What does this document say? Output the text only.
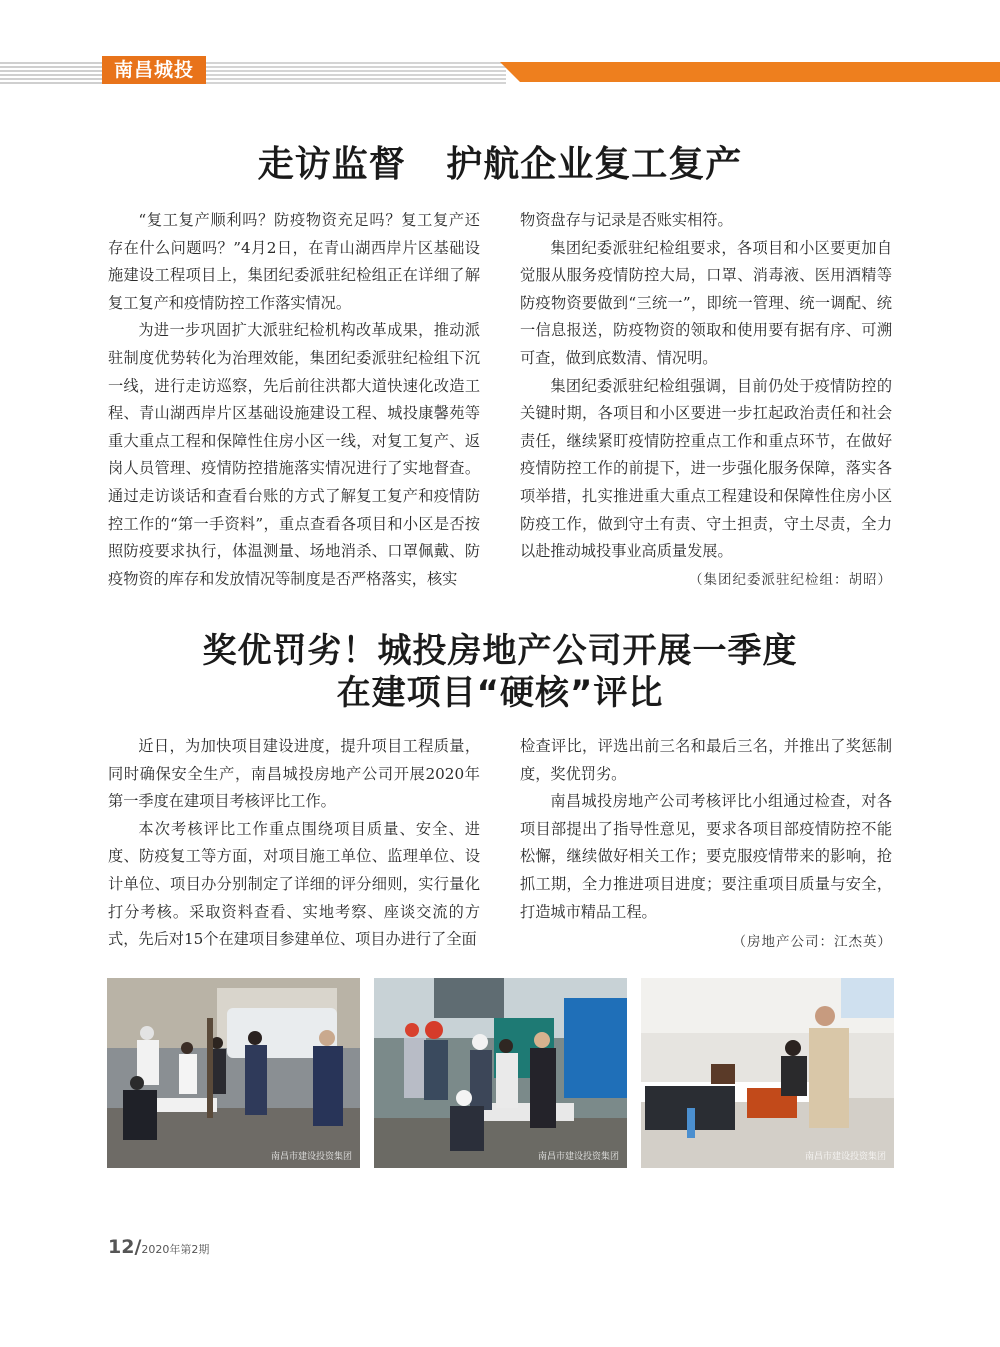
南昌城投
走访监督   护航企业复工复产

“复工复产顺利吗？防疫物资充足吗？复工复产还存在什么问题吗？”4月2日，在青山湖西岸片区基础设施建设工程项目上，集团纪委派驻纪检组正在详细了解复工复产和疫情防控工作落实情况。

为进一步巩固扩大派驻纪检机构改革成果，推动派驻制度优势转化为治理效能，集团纪委派驻纪检组下沉一线，进行走访巡察，先后前往洪都大道快速化改造工程、青山湖西岸片区基础设施建设工程、城投康馨苑等重大重点工程和保障性住房小区一线，对复工复产、返岗人员管理、疫情防控措施落实情况进行了实地督查。通过走访谈话和查看台账的方式了解复工复产和疫情防控工作的“第一手资料”，重点查看各项目和小区是否按照防疫要求执行，体温测量、场地消杀、口罩佩戴、防疫物资的库存和发放情况等制度是否严格落实，核实

物资盘存与记录是否账实相符。

集团纪委派驻纪检组要求，各项目和小区要更加自觉服从服务疫情防控大局，口罩、消毒液、医用酒精等防疫物资要做到“三统一”，即统一管理、统一调配、统一信息报送，防疫物资的领取和使用要有据有序、可溯可查，做到底数清、情况明。

集团纪委派驻纪检组强调，目前仍处于疫情防控的关键时期，各项目和小区要进一步扛起政治责任和社会责任，继续紧盯疫情防控重点工作和重点环节，在做好疫情防控工作的前提下，进一步强化服务保障，落实各项举措，扎实推进重大重点工程建设和保障性住房小区防疫工作，做到守土有责、守土担责，守土尽责，全力以赴推动城投事业高质量发展。

（集团纪委派驻纪检组：胡昭）
奖优罚劣！城投房地产公司开展一季度
在建项目“硬核”评比

近日，为加快项目建设进度，提升项目工程质量，同时确保安全生产，南昌城投房地产公司开展2020年第一季度在建项目考核评比工作。

本次考核评比工作重点围绕项目质量、安全、进度、防疫复工等方面，对项目施工单位、监理单位、设计单位、项目办分别制定了详细的评分细则，实行量化打分考核。采取资料查看、实地考察、座谈交流的方式，先后对15个在建项目参建单位、项目办进行了全面

检查评比，评选出前三名和最后三名，并推出了奖惩制度，奖优罚劣。

南昌城投房地产公司考核评比小组通过检查，对各项目部提出了指导性意见，要求各项目部疫情防控不能松懈，继续做好相关工作；要克服疫情带来的影响，抢抓工期，全力推进项目进度；要注重项目质量与安全，打造城市精品工程。

（房地产公司：江杰英）
南昌市建设投资集团	南昌市建设投资集团	南昌市建设投资集团
12/2020年第2期
